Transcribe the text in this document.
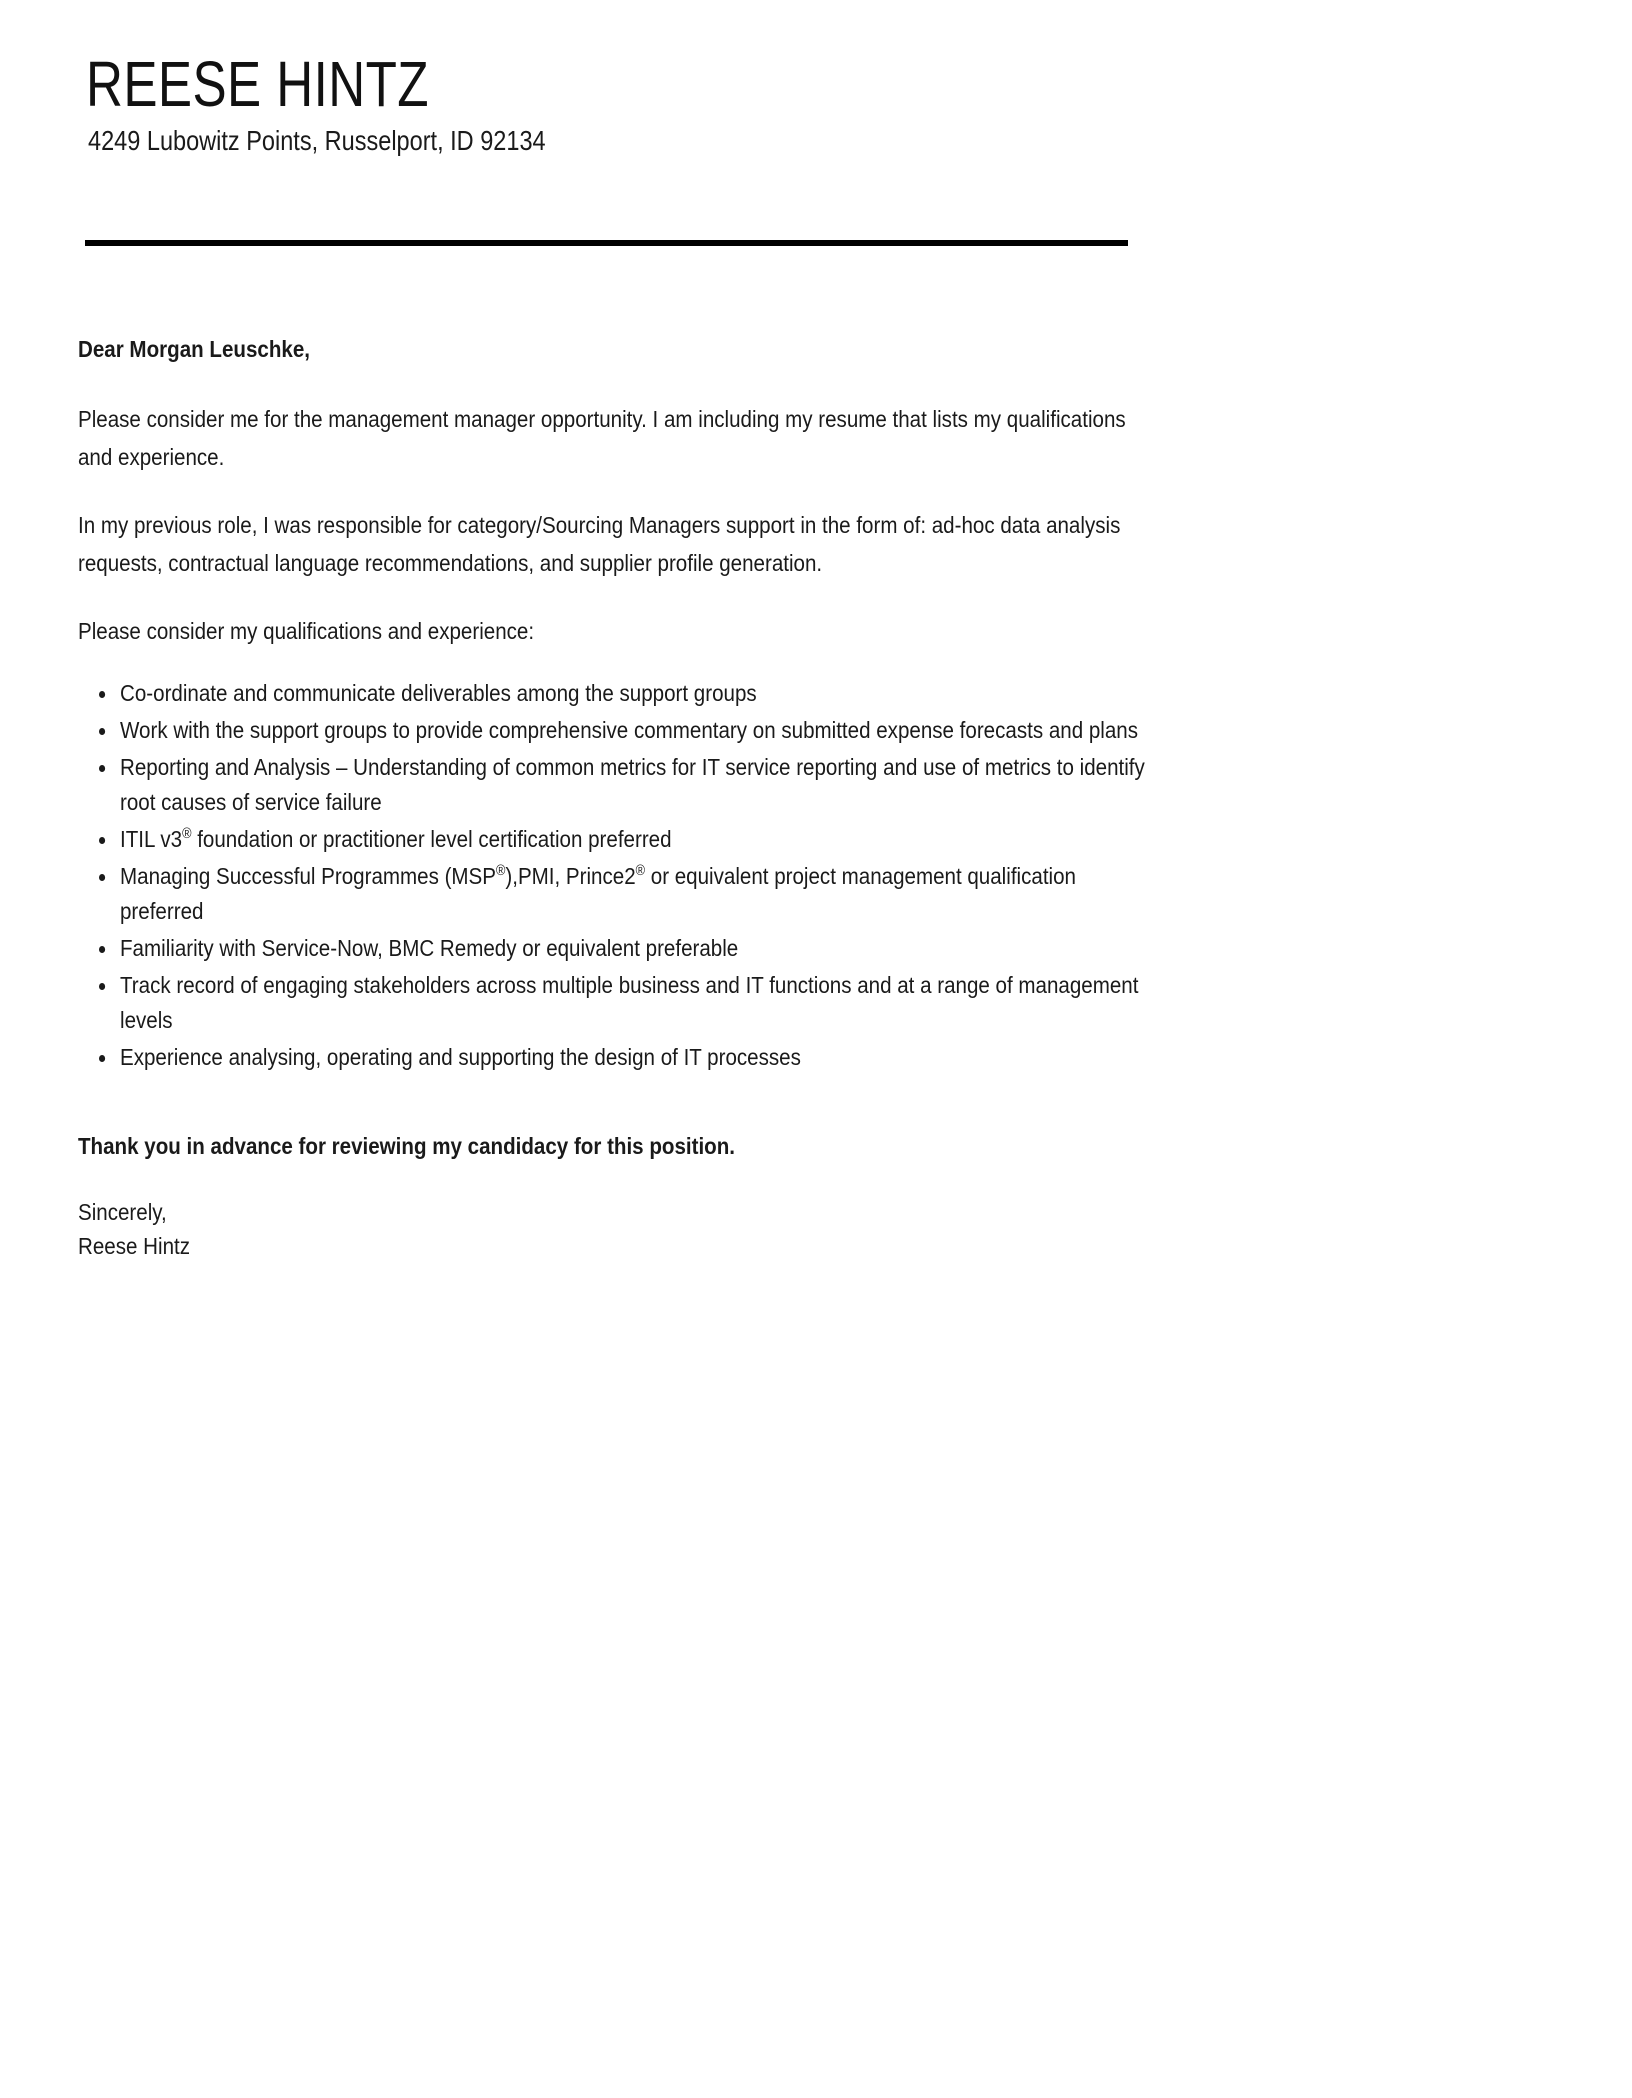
REESE HINTZ
4249 Lubowitz Points, Russelport, ID 92134

Dear Morgan Leuschke,

Please consider me for the management manager opportunity. I am including my resume that lists my qualifications and experience.

In my previous role, I was responsible for category/Sourcing Managers support in the form of: ad-hoc data analysis requests, contractual language recommendations, and supplier profile generation.

Please consider my qualifications and experience:

Co-ordinate and communicate deliverables among the support groups
Work with the support groups to provide comprehensive commentary on submitted expense forecasts and plans
Reporting and Analysis – Understanding of common metrics for IT service reporting and use of metrics to identify root causes of service failure
ITIL v3® foundation or practitioner level certification preferred
Managing Successful Programmes (MSP®),PMI, Prince2® or equivalent project management qualification preferred
Familiarity with Service-Now, BMC Remedy or equivalent preferable
Track record of engaging stakeholders across multiple business and IT functions and at a range of management levels
Experience analysing, operating and supporting the design of IT processes

Thank you in advance for reviewing my candidacy for this position.

Sincerely,

Reese Hintz
